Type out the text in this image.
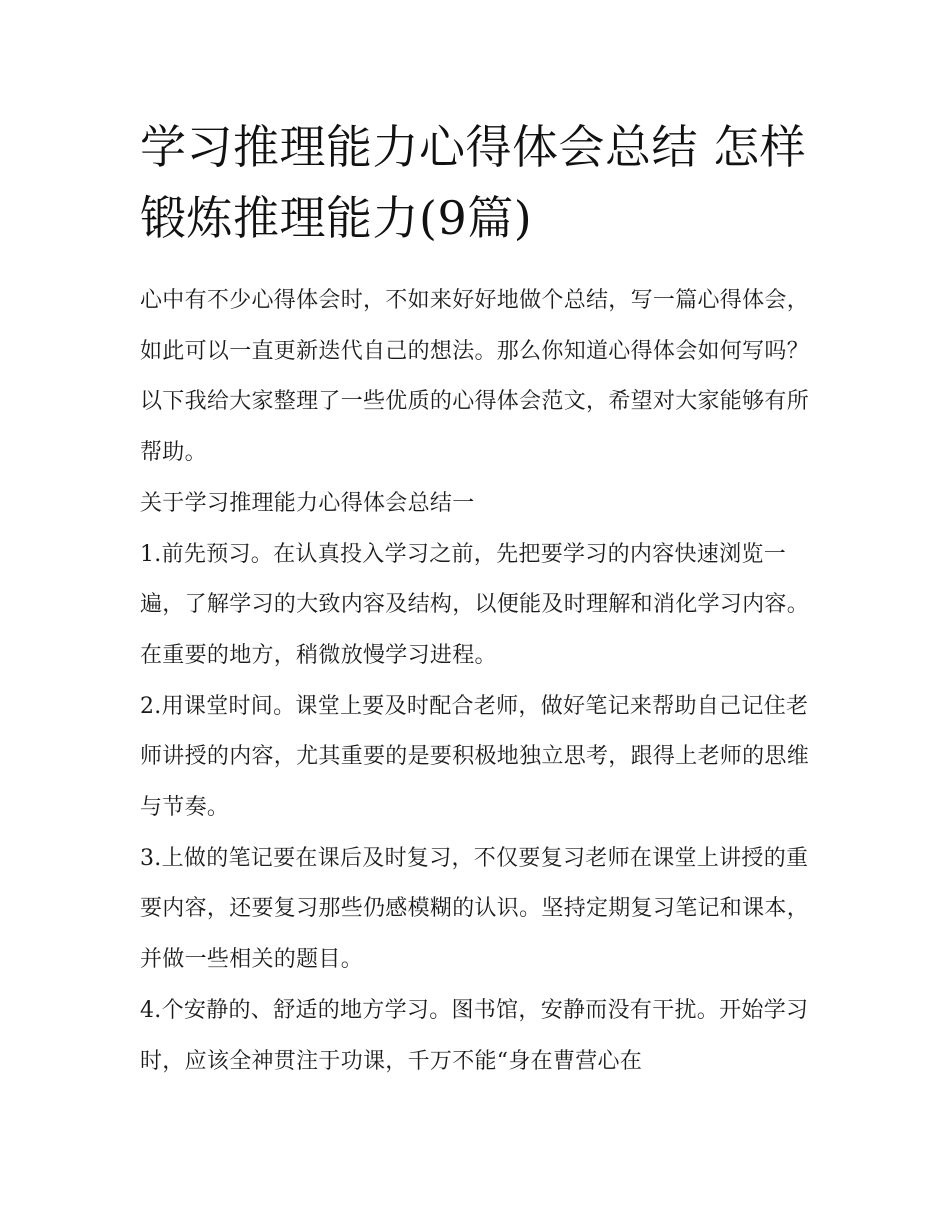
学习推理能力心得体会总结 怎样锻炼推理能力(9篇)

心中有不少心得体会时，不如来好好地做个总结，写一篇心得体会，如此可以一直更新迭代自己的想法。那么你知道心得体会如何写吗？以下我给大家整理了一些优质的心得体会范文，希望对大家能够有所帮助。

关于学习推理能力心得体会总结一

1.前先预习。在认真投入学习之前，先把要学习的内容快速浏览一遍，了解学习的大致内容及结构，以便能及时理解和消化学习内容。在重要的地方，稍微放慢学习进程。

2.用课堂时间。课堂上要及时配合老师，做好笔记来帮助自己记住老师讲授的内容，尤其重要的是要积极地独立思考，跟得上老师的思维与节奏。

3.上做的笔记要在课后及时复习，不仅要复习老师在课堂上讲授的重要内容，还要复习那些仍感模糊的认识。坚持定期复习笔记和课本，并做一些相关的题目。

4.个安静的、舒适的地方学习。图书馆，安静而没有干扰。开始学习时，应该全神贯注于功课，千万不能“身在曹营心在
